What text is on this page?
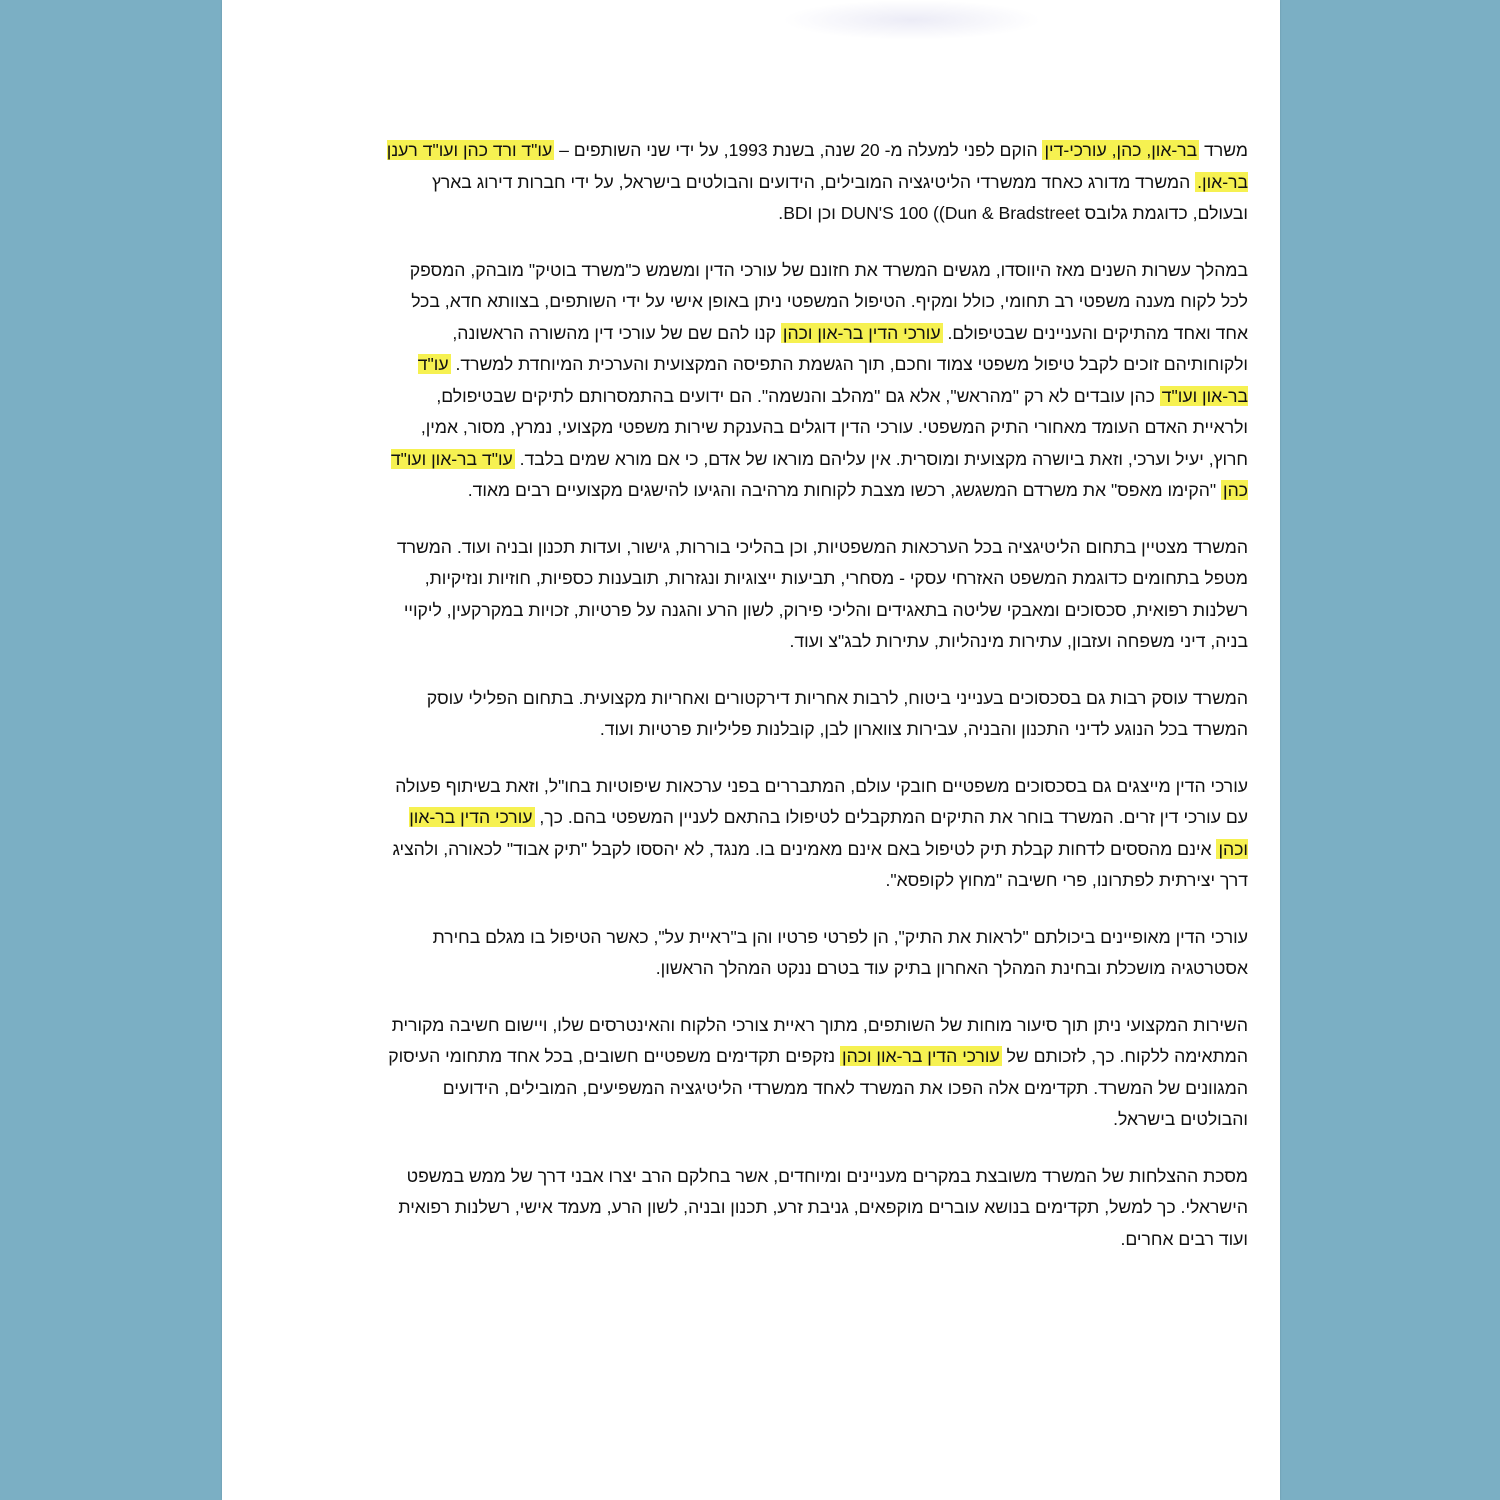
משרד בר-און, כהן, עורכי-דין הוקם לפני למעלה מ- 20 שנה, בשנת 1993, על ידי שני השותפים – עו"ד ורד כהן ועו"ד רענן בר-און. המשרד מדורג כאחד ממשרדי הליטיגציה המובילים, הידועים והבולטים בישראל, על ידי חברות דירוג בארץ ובעולם, כדוגמת גלובס DUN'S 100 ((Dun & Bradstreet וכן BDI.

במהלך עשרות השנים מאז היווסדו, מגשים המשרד את חזונם של עורכי הדין ומשמש כ"משרד בוטיק" מובהק, המספק לכל לקוח מענה משפטי רב תחומי, כולל ומקיף. הטיפול המשפטי ניתן באופן אישי על ידי השותפים, בצוותא חדא, בכל אחד ואחד מהתיקים והעניינים שבטיפולם. עורכי הדין בר-און וכהן קנו להם שם של עורכי דין מהשורה הראשונה, ולקוחותיהם זוכים לקבל טיפול משפטי צמוד וחכם, תוך הגשמת התפיסה המקצועית והערכית המיוחדת למשרד. עו"ד בר-און ועו"ד כהן עובדים לא רק "מהראש", אלא גם "מהלב והנשמה". הם ידועים בהתמסרותם לתיקים שבטיפולם, ולראיית האדם העומד מאחורי התיק המשפטי. עורכי הדין דוגלים בהענקת שירות משפטי מקצועי, נמרץ, מסור, אמין, חרוץ, יעיל וערכי, וזאת ביושרה מקצועית ומוסרית. אין עליהם מוראו של אדם, כי אם מורא שמים בלבד. עו"ד בר-און ועו"ד כהן "הקימו מאפס" את משרדם המשגשג, רכשו מצבת לקוחות מרהיבה והגיעו להישגים מקצועיים רבים מאוד.

המשרד מצטיין בתחום הליטיגציה בכל הערכאות המשפטיות, וכן בהליכי בוררות, גישור, ועדות תכנון ובניה ועוד. המשרד מטפל בתחומים כדוגמת המשפט האזרחי עסקי - מסחרי, תביעות ייצוגיות ונגזרות, תובענות כספיות, חוזיות ונזיקיות, רשלנות רפואית, סכסוכים ומאבקי שליטה בתאגידים והליכי פירוק, לשון הרע והגנה על פרטיות, זכויות במקרקעין, ליקויי בניה, דיני משפחה ועזבון, עתירות מינהליות, עתירות לבג"צ ועוד.

המשרד עוסק רבות גם בסכסוכים בענייני ביטוח, לרבות אחריות דירקטורים ואחריות מקצועית. בתחום הפלילי עוסק המשרד בכל הנוגע לדיני התכנון והבניה, עבירות צווארון לבן, קובלנות פליליות פרטיות ועוד.

עורכי הדין מייצגים גם בסכסוכים משפטיים חובקי עולם, המתבררים בפני ערכאות שיפוטיות בחו"ל, וזאת בשיתוף פעולה עם עורכי דין זרים. המשרד בוחר את התיקים המתקבלים לטיפולו בהתאם לעניין המשפטי בהם. כך, עורכי הדין בר-און וכהן אינם מהססים לדחות קבלת תיק לטיפול באם אינם מאמינים בו. מנגד, לא יהססו לקבל "תיק אבוד" לכאורה, ולהציג דרך יצירתית לפתרונו, פרי חשיבה "מחוץ לקופסא".

עורכי הדין מאופיינים ביכולתם "לראות את התיק", הן לפרטי פרטיו והן ב"ראיית על", כאשר הטיפול בו מגלם בחירת אסטרטגיה מושכלת ובחינת המהלך האחרון בתיק עוד בטרם ננקט המהלך הראשון.

השירות המקצועי ניתן תוך סיעור מוחות של השותפים, מתוך ראיית צורכי הלקוח והאינטרסים שלו, ויישום חשיבה מקורית המתאימה ללקוח. כך, לזכותם של עורכי הדין בר-און וכהן נזקפים תקדימים משפטיים חשובים, בכל אחד מתחומי העיסוק המגוונים של המשרד. תקדימים אלה הפכו את המשרד לאחד ממשרדי הליטיגציה המשפיעים, המובילים, הידועים והבולטים בישראל.

מסכת ההצלחות של המשרד משובצת במקרים מעניינים ומיוחדים, אשר בחלקם הרב יצרו אבני דרך של ממש במשפט הישראלי. כך למשל, תקדימים בנושא עוברים מוקפאים, גניבת זרע, תכנון ובניה, לשון הרע, מעמד אישי, רשלנות רפואית ועוד רבים אחרים.
